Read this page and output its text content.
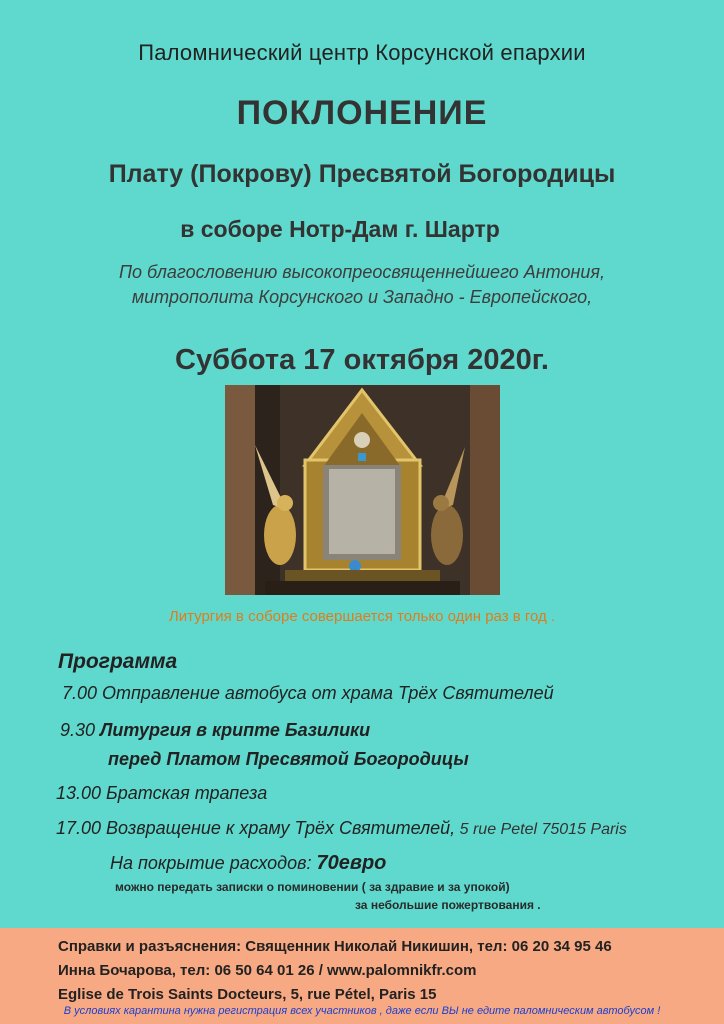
Паломнический центр Корсунской епархии
ПОКЛОНЕНИЕ
Плату (Покрову) Пресвятой Богородицы
в соборе Нотр-Дам г. Шартр
По благословению высокопреосвященнейшего Антония,
митрополита Корсунского и Западно - Европейского,
Суббота 17 октября 2020г.
Литургия в соборе совершается только один раз в год .
Программа
7.00 Отправление автобуса от храма Трёх Святителей
9.30 Литургия в крипте Базилики
перед Платом Пресвятой Богородицы
13.00 Братская трапеза
17.00 Возвращение к храму Трёх Святителей, 5 rue Petel 75015 Paris
На покрытие расходов: 70евро
можно передать записки о поминовении ( за здравие и за упокой)
за небольшие пожертвования .
Справки и разъяснения: Священник Николай Никишин, тел: 06 20 34 95 46
Инна Бочарова, тел: 06 50 64 01 26 / www.palomnikfr.com
Eglise de Trois Saints Docteurs, 5, rue Pétel, Paris 15
В условиях карантина нужна регистрация всех участников , даже если ВЫ не едите паломническим автобусом !
